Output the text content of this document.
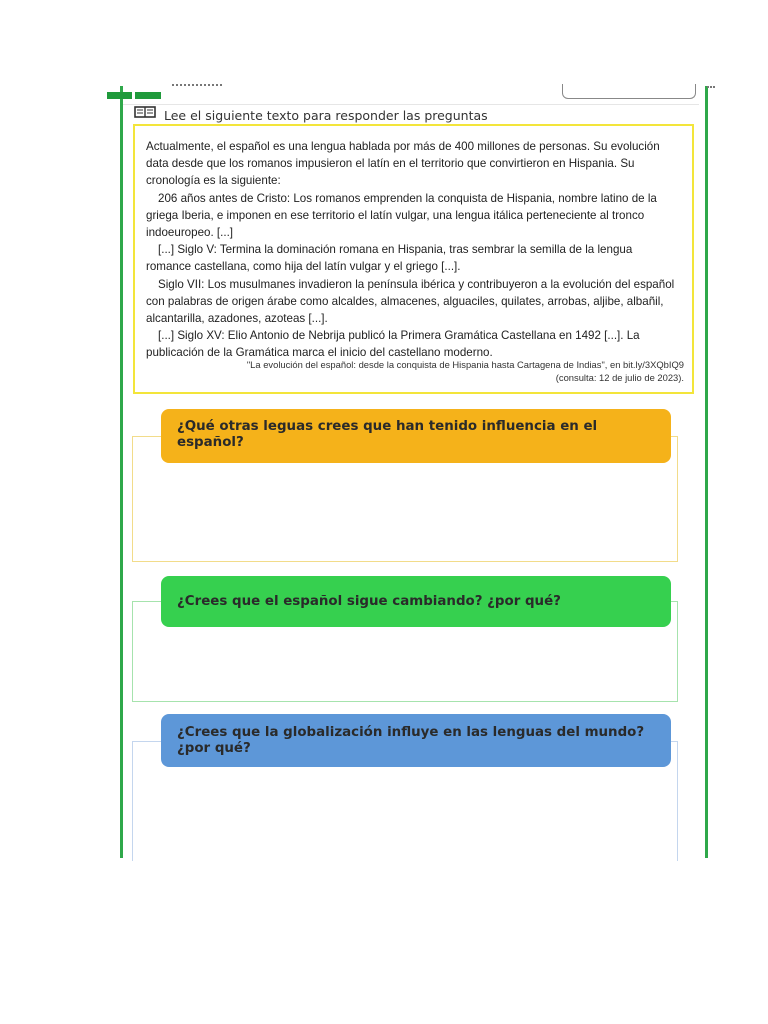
Lee el siguiente texto para responder las preguntas

Actualmente, el español es una lengua hablada por más de 400 millones de personas. Su evolución data desde que los romanos impusieron el latín en el territorio que convirtieron en Hispania. Su cronología es la siguiente:

206 años antes de Cristo: Los romanos emprenden la conquista de Hispania, nombre latino de la griega Iberia, e imponen en ese territorio el latín vulgar, una lengua itálica perteneciente al tronco indoeuropeo. [...]

[...] Siglo V: Termina la dominación romana en Hispania, tras sembrar la semilla de la lengua romance castellana, como hija del latín vulgar y el griego [...].

Siglo VII: Los musulmanes invadieron la península ibérica y contribuyeron a la evolución del español con palabras de origen árabe como alcaldes, almacenes, alguaciles, quilates, arrobas, aljibe, albañil, alcantarilla, azadones, azoteas [...].

[...] Siglo XV: Elio Antonio de Nebrija publicó la Primera Gramática Castellana en 1492 [...]. La publicación de la Gramática marca el inicio del castellano moderno.

"La evolución del español: desde la conquista de Hispania hasta Cartagena de Indias", en bit.ly/3XQbIQ9
(consulta: 12 de julio de 2023).
¿Qué otras leguas crees que han tenido influencia en el español?
¿Crees que el español sigue cambiando? ¿por qué?
¿Crees que la globalización influye en las lenguas del mundo? ¿por qué?
